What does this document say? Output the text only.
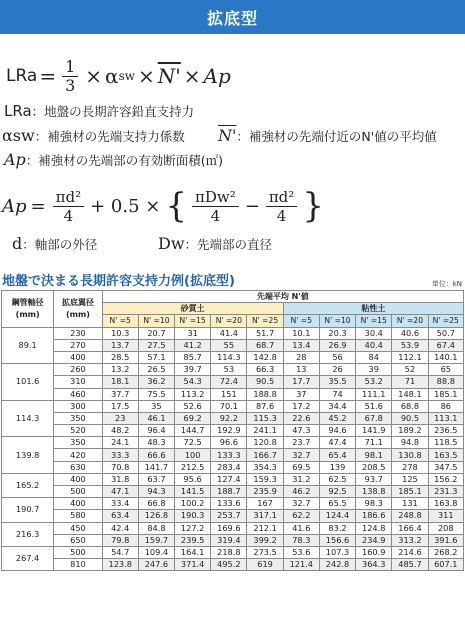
拡底型
LRa = $\frac{1}{3} \times \alpha$ sw × N' × Ap
LRa：地盤の長期許容鉛直支持力
αsw：補強材の先端支持力係数 N'：補強材の先端付近のN'値の平均値
Ap：補強材の先端部の有効断面積(㎡)
$Ap = \frac{\text{πd²}}{4} + 0.5$ × { $\frac{\text{πDw²}}{4} - \frac{\text{πd²}}{4}$ }
d：軸部の外径	Dw：先端部の直径
地盤で決まる長期許容支持力例(拡底型)	単位：kN
鋼管軸径
(mm)	拡底翼径
(mm)	先端平均 N'値									
		砂質土					粘性土				
		N' =5	N' =10	N' =15	N' =20	N' =25	N' =5	N' =10	N' =15	N' =20	N' =25
89.1	230	10.3	20.7	31	41.4	51.7	10.1	20.3	30.4	40.6	50.7
	270	13.7	27.5	41.2	55	68.7	13.4	26.9	40.4	53.9	67.4
	400	28.5	57.1	85.7	114.3	142.8	28	56	84	112.1	140.1
101.6	260	13.2	26.5	39.7	53	66.3	13	26	39	52	65
	310	18.1	36.2	54.3	72.4	90.5	17.7	35.5	53.2	71	88.8
	460	37.7	75.5	113.2	151	188.8	37	74	111.1	148.1	185.1
114.3	300	17.5	35	52.6	70.1	87.6	17.2	34.4	51.6	68.8	86
	350	23	46.1	69.2	92.2	115.3	22.6	45.2	67.8	90.5	113.1
	520	48.2	96.4	144.7	192.9	241.1	47.3	94.6	141.9	189.2	236.5
139.8	350	24.1	48.3	72.5	96.6	120.8	23.7	47.4	71.1	94.8	118.5
	420	33.3	66.6	100	133.3	166.7	32.7	65.4	98.1	130.8	163.5
	630	70.8	141.7	212.5	283.4	354.3	69.5	139	208.5	278	347.5
165.2	400	31.8	63.7	95.6	127.4	159.3	31.2	62.5	93.7	125	156.2
	500	47.1	94.3	141.5	188.7	235.9	46.2	92.5	138.8	185.1	231.3
190.7	400	33.4	66.8	100.2	133.6	167	32.7	65.5	98.3	131	163.8
	580	63.4	126.8	190.3	253.7	317.1	62.2	124.4	186.6	248.8	311
216.3	450	42.4	84.8	127.2	169.6	212.1	41.6	83.2	124.8	166.4	208
	650	79.8	159.7	239.5	319.4	399.2	78.3	156.6	234.9	313.2	391.6
267.4	500	54.7	109.4	164.1	218.8	273.5	53.6	107.3	160.9	214.6	268.2
	810	123.8	247.6	371.4	495.2	619	121.4	242.8	364.3	485.7	607.1
